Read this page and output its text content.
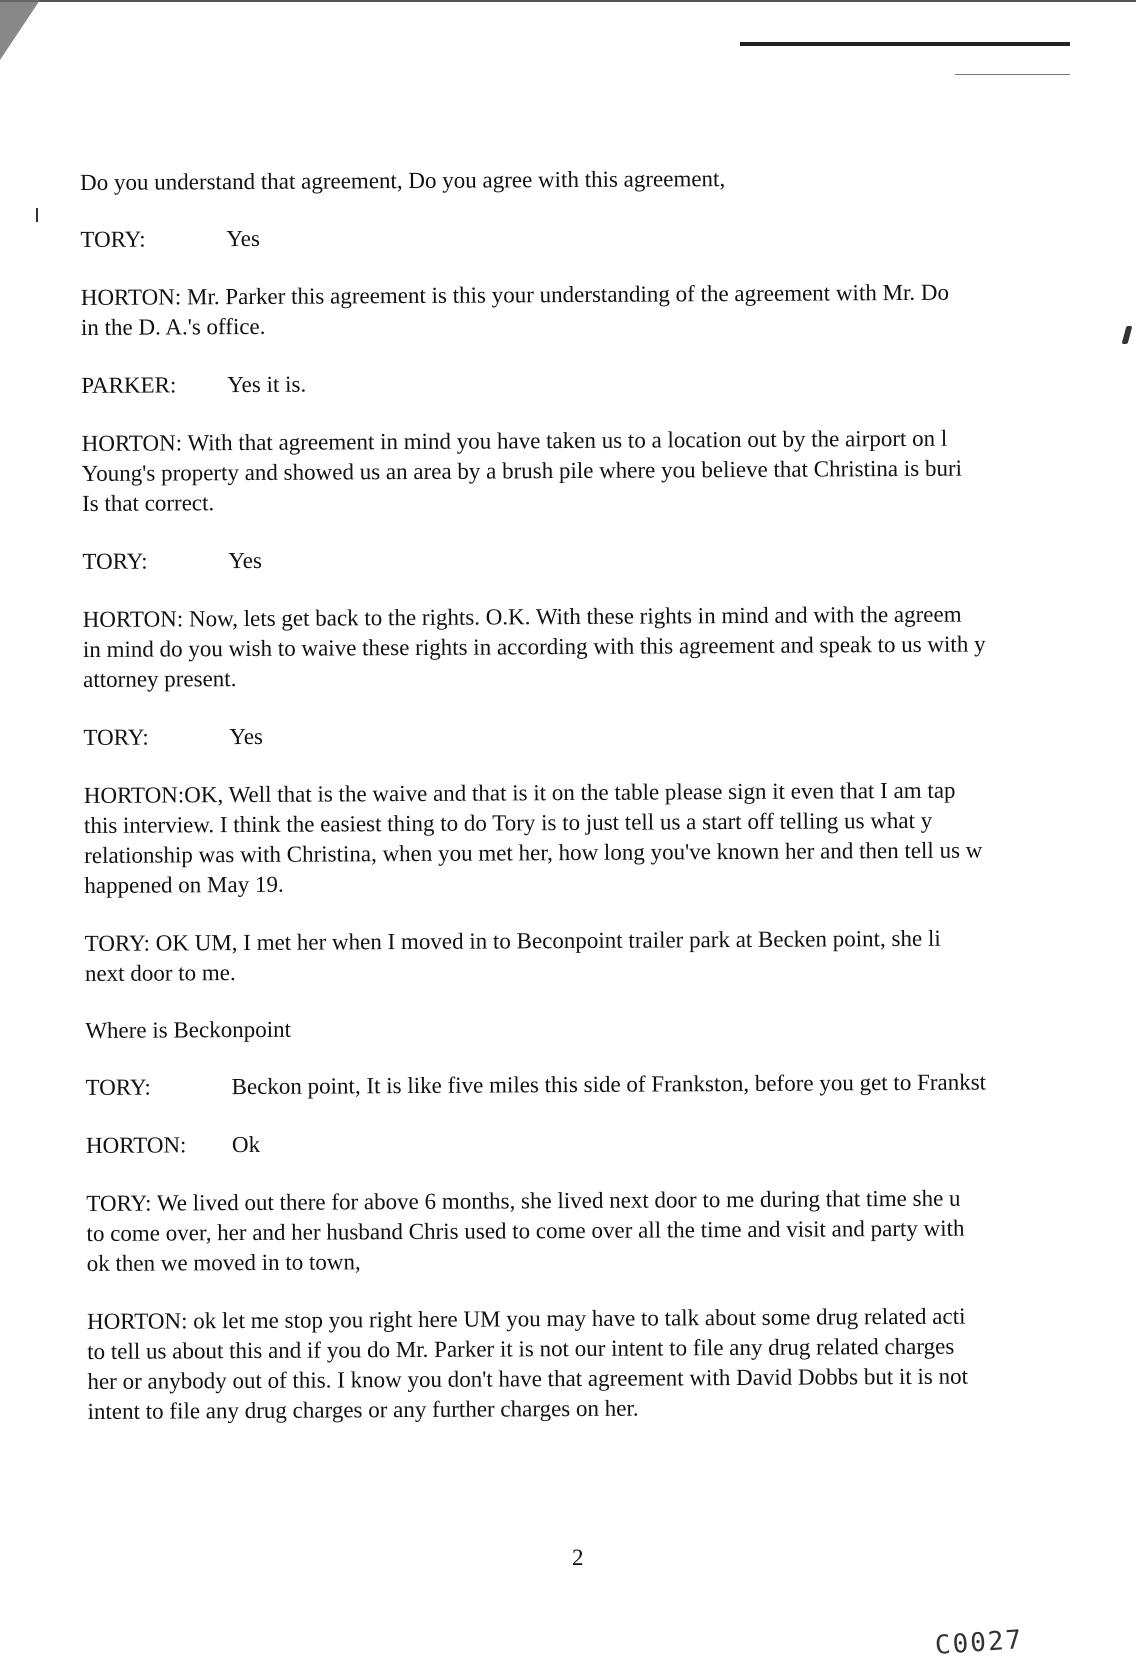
Do you understand that agreement, Do you agree with this agreement,
TORY:	Yes
HORTON: Mr. Parker this agreement is this your understanding of the agreement with Mr. Do
in the D. A.'s office.
PARKER: Yes it is.
HORTON: With that agreement in mind you have taken us to a location out by the airport on l
Young's property and showed us an area by a brush pile where you believe that Christina is buri
Is that correct.
TORY:	Yes
HORTON: Now, lets get back to the rights. O.K. With these rights in mind and with the agreem
in mind do you wish to waive these rights in according with this agreement and speak to us with y
attorney present.
TORY:	Yes
HORTON:OK, Well that is the waive and that is it on the table please sign it even that I am tap
this interview. I think the easiest thing to do Tory is to just tell us a start off telling us what y
relationship was with Christina, when you met her, how long you've known her and then tell us w
happened on May 19.
TORY: OK UM, I met her when I moved in to Beconpoint trailer park at Becken point, she li
next door to me.
Where is Beckonpoint
TORY:	Beckon point, It is like five miles this side of Frankston, before you get to Frankst
HORTON: Ok
TORY: We lived out there for above 6 months, she lived next door to me during that time she u
to come over, her and her husband Chris used to come over all the time and visit and party with
ok then we moved in to town,
HORTON: ok let me stop you right here UM you may have to talk about some drug related acti
to tell us about this and if you do Mr. Parker it is not our intent to file any drug related charges
her or anybody out of this. I know you don't have that agreement with David Dobbs but it is not
intent to file any drug charges or any further charges on her.
2
C0027
